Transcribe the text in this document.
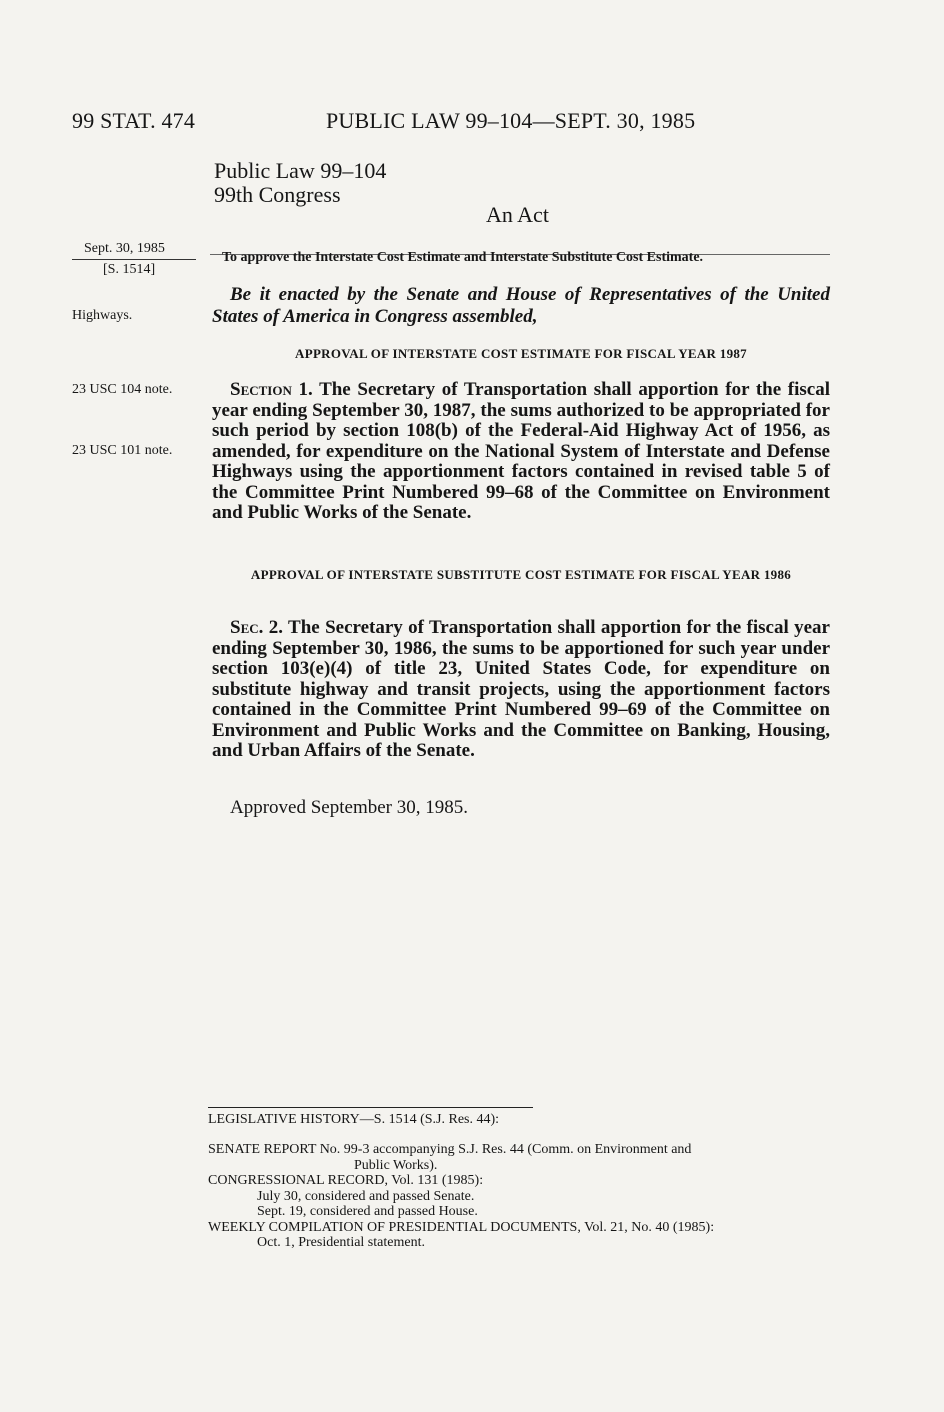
99 STAT. 474	PUBLIC LAW 99–104—SEPT. 30, 1985
Public Law 99–104
99th Congress
An Act
Sept. 30, 1985
[S. 1514]
Highways.
23 USC 104 note.
23 USC 101 note.
To approve the Interstate Cost Estimate and Interstate Substitute Cost Estimate.
Be it enacted by the Senate and House of Representatives of the United States of America in Congress assembled,
APPROVAL OF INTERSTATE COST ESTIMATE FOR FISCAL YEAR 1987
Section 1. The Secretary of Transportation shall apportion for the fiscal year ending September 30, 1987, the sums authorized to be appropriated for such period by section 108(b) of the Federal-Aid Highway Act of 1956, as amended, for expenditure on the National System of Interstate and Defense Highways using the apportionment factors contained in revised table 5 of the Committee Print Numbered 99–68 of the Committee on Environment and Public Works of the Senate.
APPROVAL OF INTERSTATE SUBSTITUTE COST ESTIMATE FOR FISCAL YEAR 1986
Sec. 2. The Secretary of Transportation shall apportion for the fiscal year ending September 30, 1986, the sums to be apportioned for such year under section 103(e)(4) of title 23, United States Code, for expenditure on substitute highway and transit projects, using the apportionment factors contained in the Committee Print Numbered 99–69 of the Committee on Environment and Public Works and the Committee on Banking, Housing, and Urban Affairs of the Senate.
Approved September 30, 1985.
LEGISLATIVE HISTORY—S. 1514 (S.J. Res. 44):
SENATE REPORT No. 99-3 accompanying S.J. Res. 44 (Comm. on Environment and
Public Works).
CONGRESSIONAL RECORD, Vol. 131 (1985):
July 30, considered and passed Senate.
Sept. 19, considered and passed House.
WEEKLY COMPILATION OF PRESIDENTIAL DOCUMENTS, Vol. 21, No. 40 (1985):
Oct. 1, Presidential statement.
